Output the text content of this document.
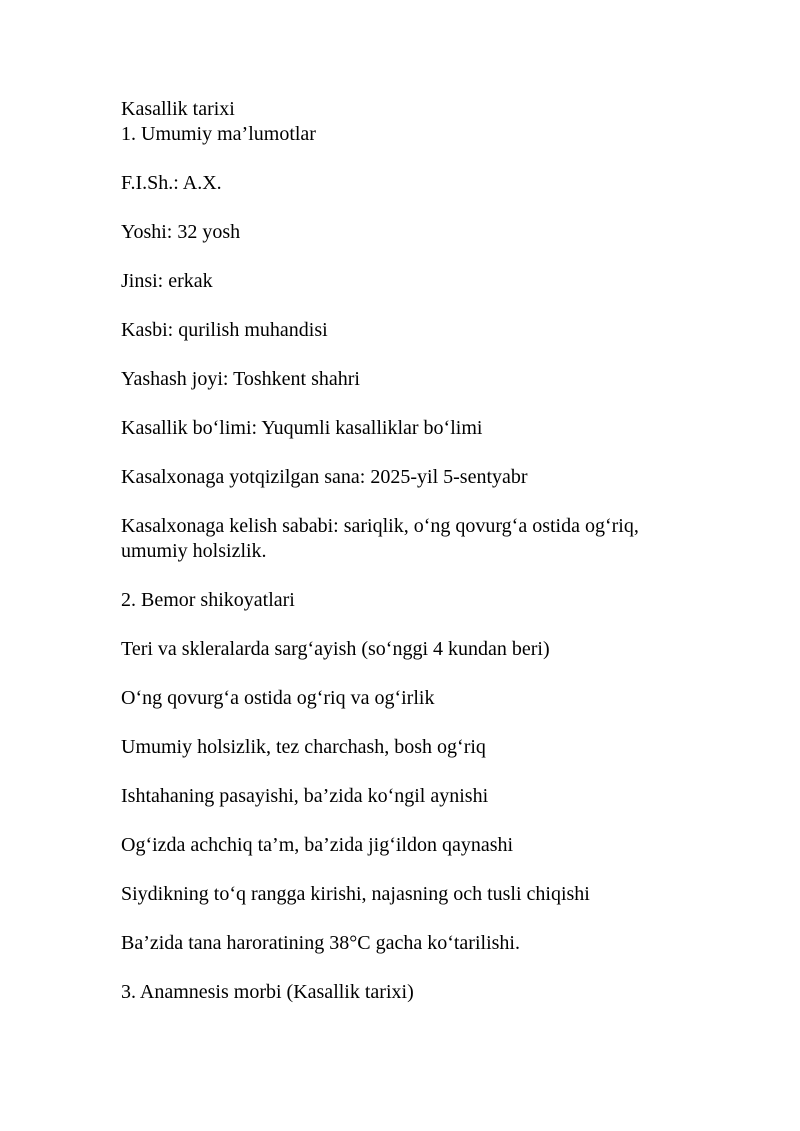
Kasallik tarixi

1. Umumiy ma’lumotlar

F.I.Sh.: A.X.

Yoshi: 32 yosh

Jinsi: erkak

Kasbi: qurilish muhandisi

Yashash joyi: Toshkent shahri

Kasallik bo‘limi: Yuqumli kasalliklar bo‘limi

Kasalxonaga yotqizilgan sana: 2025-yil 5-sentyabr

Kasalxonaga kelish sababi: sariqlik, o‘ng qovurg‘a ostida og‘riq,

umumiy holsizlik.

2. Bemor shikoyatlari

Teri va skleralarda sarg‘ayish (so‘nggi 4 kundan beri)

O‘ng qovurg‘a ostida og‘riq va og‘irlik

Umumiy holsizlik, tez charchash, bosh og‘riq

Ishtahaning pasayishi, ba’zida ko‘ngil aynishi

Og‘izda achchiq ta’m, ba’zida jig‘ildon qaynashi

Siydikning to‘q rangga kirishi, najasning och tusli chiqishi

Ba’zida tana haroratining 38°C gacha ko‘tarilishi.

3. Anamnesis morbi (Kasallik tarixi)
